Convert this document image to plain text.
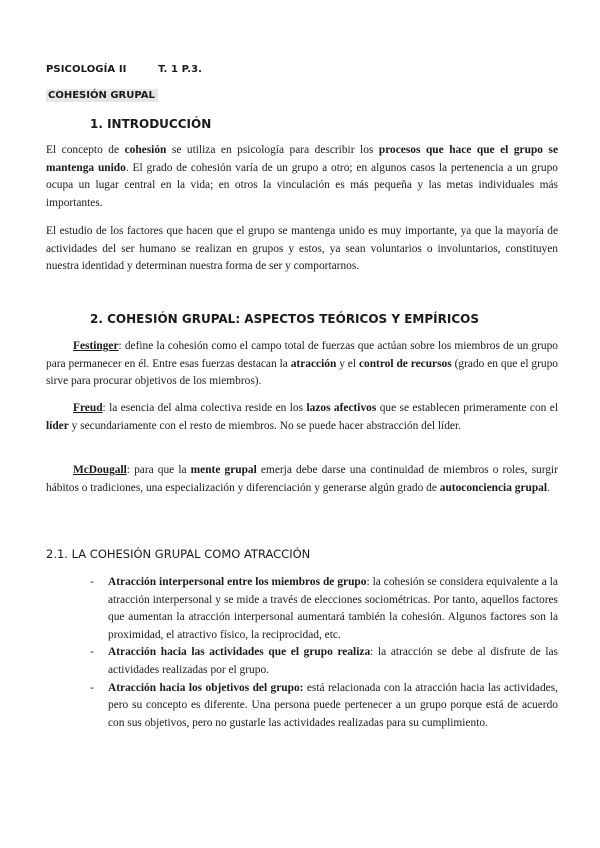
PSICOLOGÍA II	T. 1 P.3.
COHESIÓN GRUPAL
1. INTRODUCCIÓN

El concepto de cohesión se utiliza en psicología para describir los procesos que hace que el grupo se mantenga unido. El grado de cohesión varía de un grupo a otro; en algunos casos la pertenencia a un grupo ocupa un lugar central en la vida; en otros la vinculación es más pequeña y las metas individuales más importantes.

El estudio de los factores que hacen que el grupo se mantenga unido es muy importante, ya que la mayoría de actividades del ser humano se realizan en grupos y estos, ya sean voluntarios o involuntarios, constituyen nuestra identidad y determinan nuestra forma de ser y comportarnos.

2. COHESIÓN GRUPAL: ASPECTOS TEÓRICOS Y EMPÍRICOS

Festinger: define la cohesión como el campo total de fuerzas que actúan sobre los miembros de un grupo para permanecer en él. Entre esas fuerzas destacan la atracción y el control de recursos (grado en que el grupo sirve para procurar objetivos de los miembros).

Freud: la esencia del alma colectiva reside en los lazos afectivos que se establecen primeramente con el líder y secundariamente con el resto de miembros. No se puede hacer abstracción del líder.

McDougall: para que la mente grupal emerja debe darse una continuidad de miembros o roles, surgir hábitos o tradiciones, una especialización y diferenciación y generarse algún grado de autoconciencia grupal.

2.1. LA COHESIÓN GRUPAL COMO ATRACCIÓN
- Atracción interpersonal entre los miembros de grupo: la cohesión se considera equivalente a la atracción interpersonal y se mide a través de elecciones sociométricas. Por tanto, aquellos factores que aumentan la atracción interpersonal aumentará también la cohesión. Algunos factores son la proximidad, el atractivo físico, la reciprocidad, etc.
- Atracción hacia las actividades que el grupo realiza: la atracción se debe al disfrute de las actividades realizadas por el grupo.
- Atracción hacia los objetivos del grupo: está relacionada con la atracción hacia las actividades, pero su concepto es diferente. Una persona puede pertenecer a un grupo porque está de acuerdo con sus objetivos, pero no gustarle las actividades realizadas para su cumplimiento.
